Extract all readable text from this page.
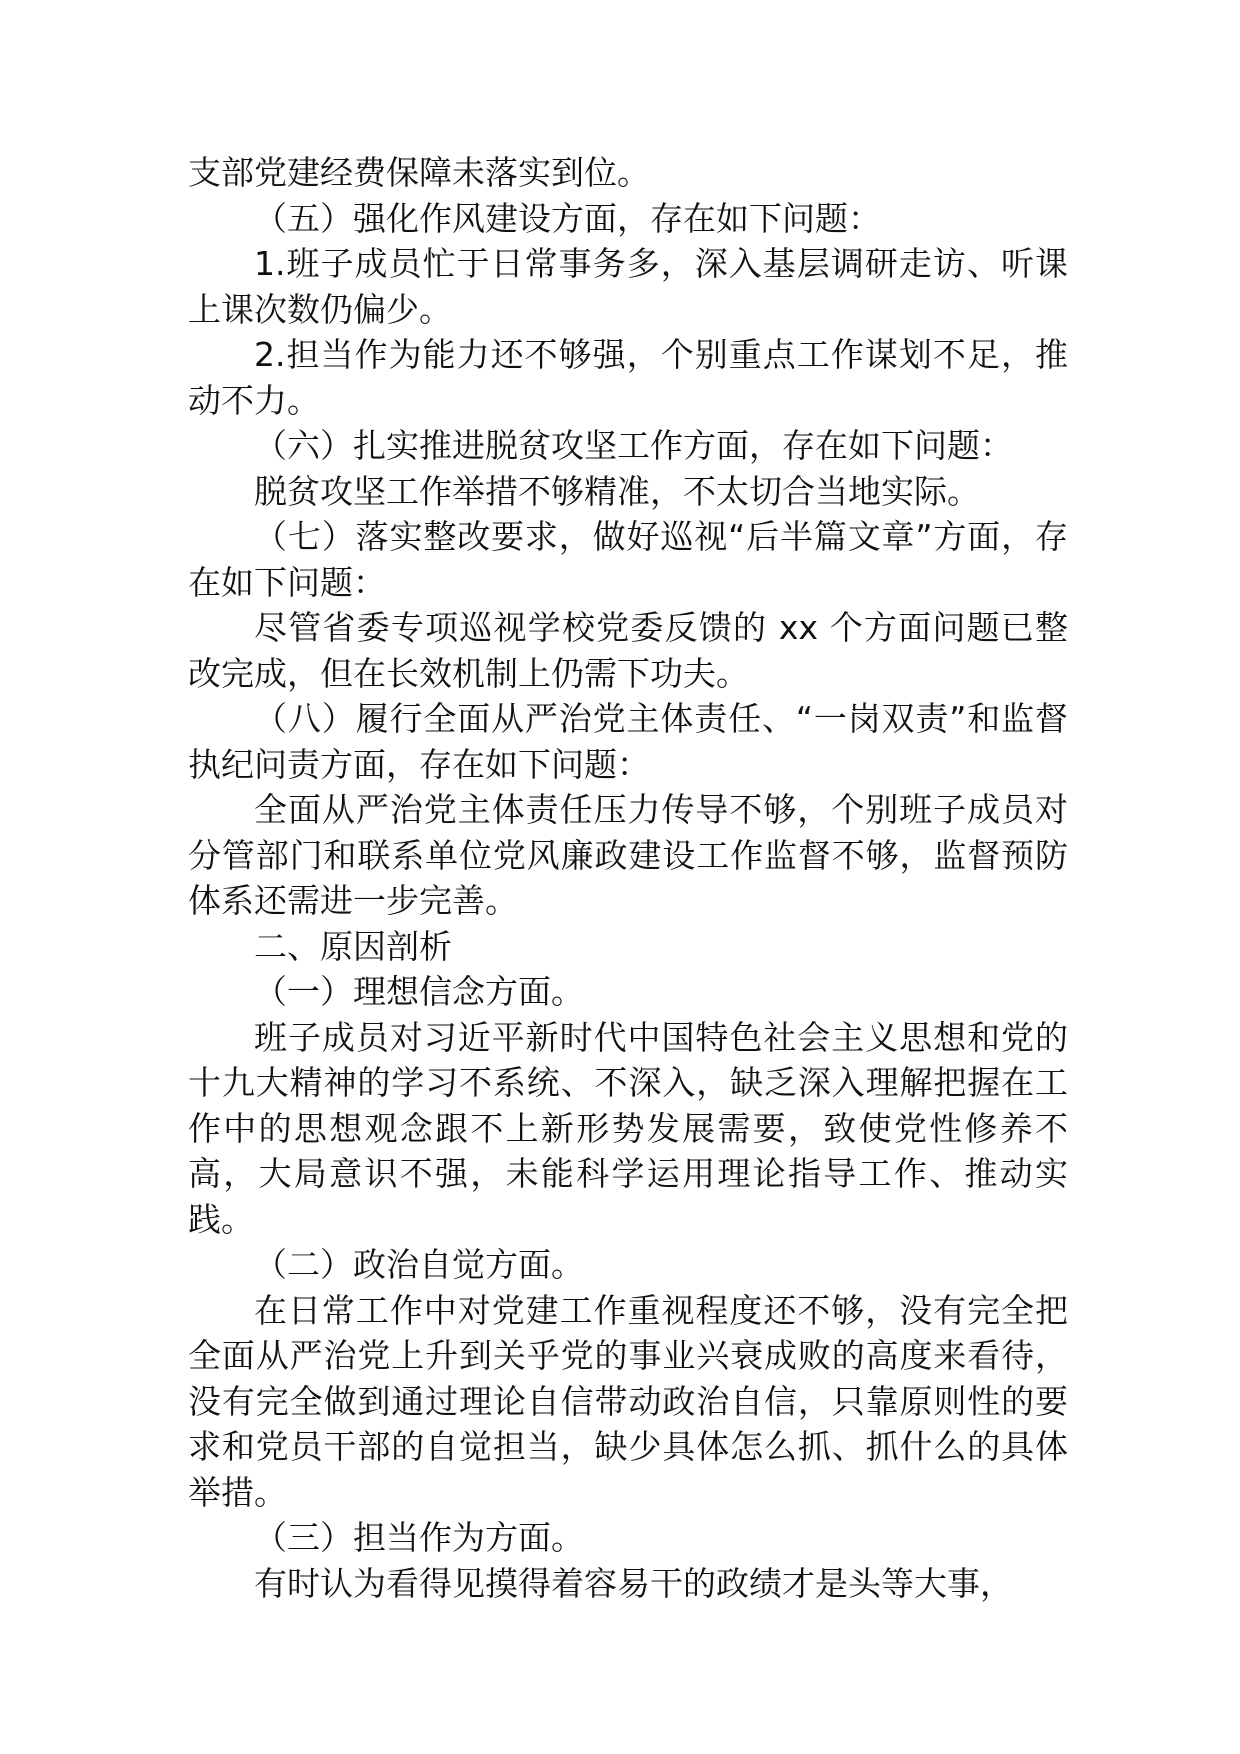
支部党建经费保障未落实到位。

（五）强化作风建设方面，存在如下问题：

1.班子成员忙于日常事务多，深入基层调研走访、听课上课次数仍偏少。

2.担当作为能力还不够强，个别重点工作谋划不足，推动不力。

（六）扎实推进脱贫攻坚工作方面，存在如下问题：

脱贫攻坚工作举措不够精准，不太切合当地实际。

（七）落实整改要求，做好巡视“后半篇文章”方面，存在如下问题：

尽管省委专项巡视学校党委反馈的 xx 个方面问题已整改完成，但在长效机制上仍需下功夫。

（八）履行全面从严治党主体责任、“一岗双责”和监督执纪问责方面，存在如下问题：

全面从严治党主体责任压力传导不够，个别班子成员对分管部门和联系单位党风廉政建设工作监督不够，监督预防体系还需进一步完善。

二、原因剖析

（一）理想信念方面。

班子成员对习近平新时代中国特色社会主义思想和党的十九大精神的学习不系统、不深入，缺乏深入理解把握在工作中的思想观念跟不上新形势发展需要，致使党性修养不高，大局意识不强，未能科学运用理论指导工作、推动实践。

（二）政治自觉方面。

在日常工作中对党建工作重视程度还不够，没有完全把全面从严治党上升到关乎党的事业兴衰成败的高度来看待，没有完全做到通过理论自信带动政治自信，只靠原则性的要求和党员干部的自觉担当，缺少具体怎么抓、抓什么的具体举措。

（三）担当作为方面。

有时认为看得见摸得着容易干的政绩才是头等大事，
